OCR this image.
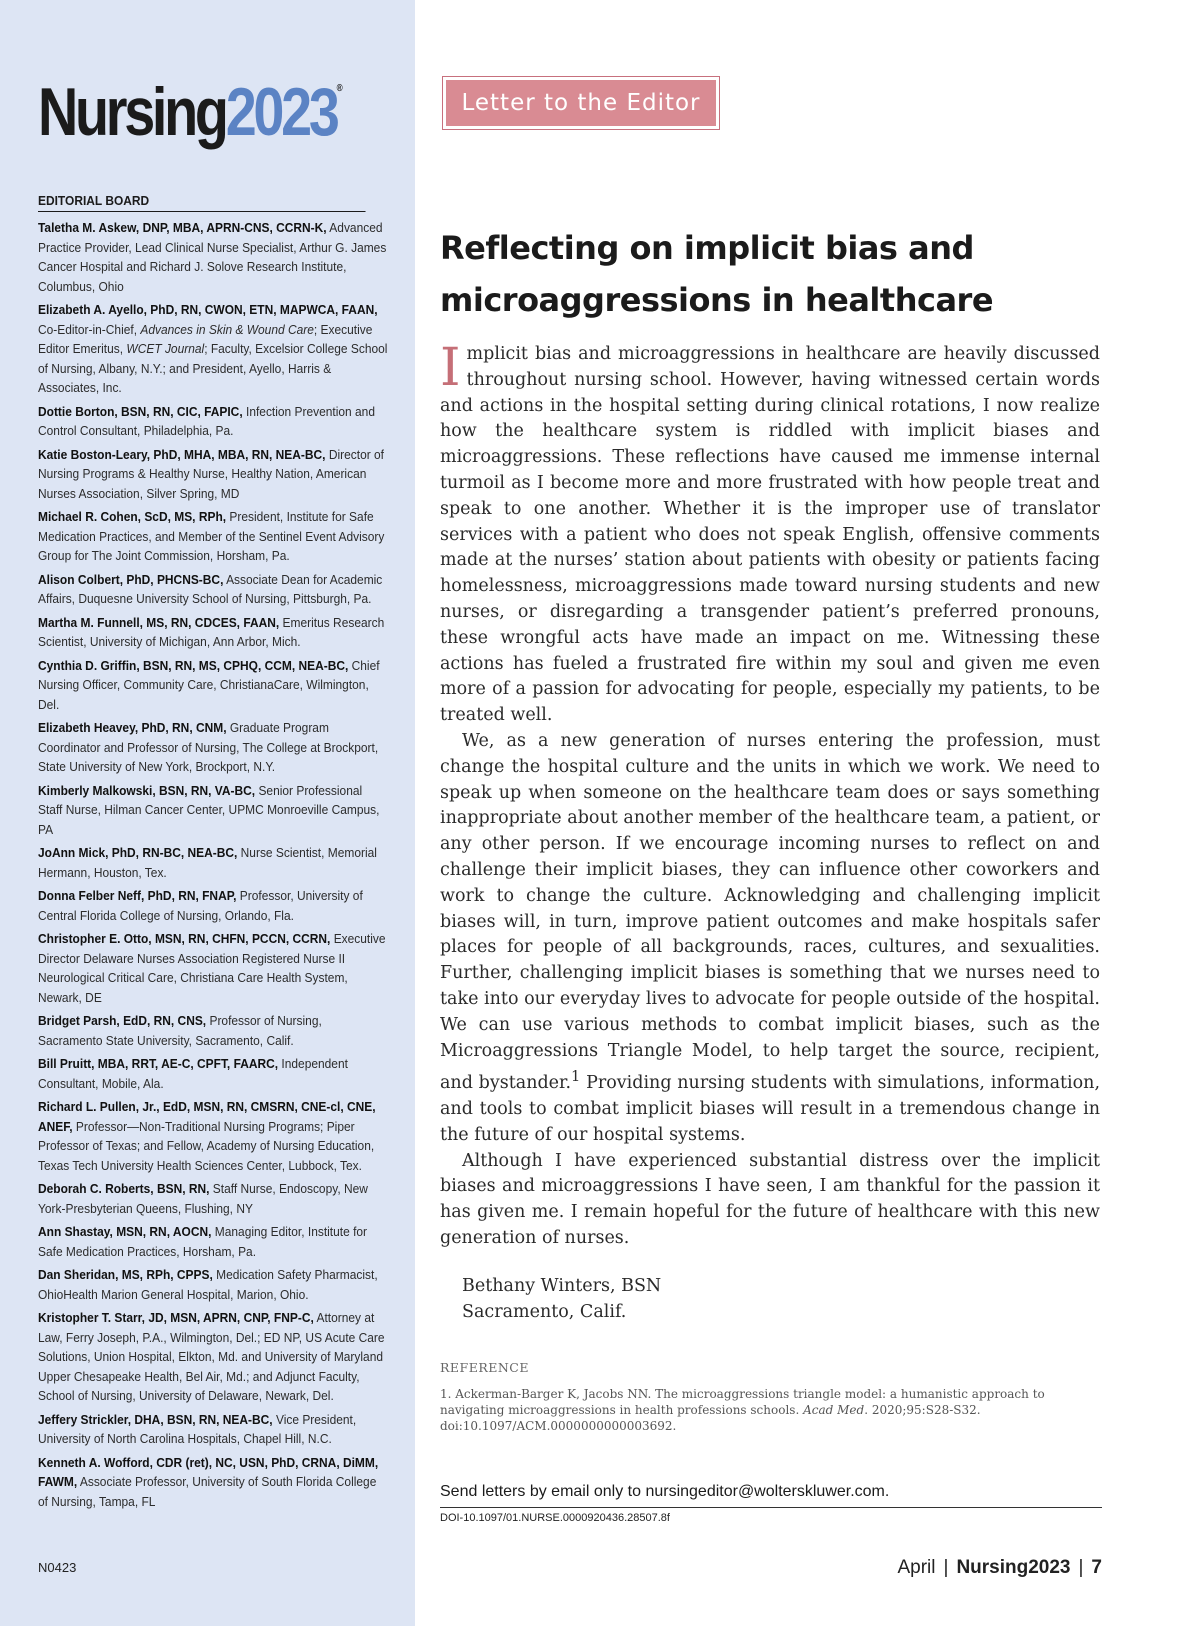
Nursing2023®
EDITORIAL BOARD
Taletha M. Askew, DNP, MBA, APRN-CNS, CCRN-K, Advanced Practice Provider, Lead Clinical Nurse Specialist, Arthur G. James Cancer Hospital and Richard J. Solove Research Institute, Columbus, Ohio
Elizabeth A. Ayello, PhD, RN, CWON, ETN, MAPWCA, FAAN, Co-Editor-in-Chief, Advances in Skin & Wound Care; Executive Editor Emeritus, WCET Journal; Faculty, Excelsior College School of Nursing, Albany, N.Y.; and President, Ayello, Harris & Associates, Inc.
Dottie Borton, BSN, RN, CIC, FAPIC, Infection Prevention and Control Consultant, Philadelphia, Pa.
Katie Boston-Leary, PhD, MHA, MBA, RN, NEA-BC, Director of Nursing Programs & Healthy Nurse, Healthy Nation, American Nurses Association, Silver Spring, MD
Michael R. Cohen, ScD, MS, RPh, President, Institute for Safe Medication Practices, and Member of the Sentinel Event Advisory Group for The Joint Commission, Horsham, Pa.
Alison Colbert, PhD, PHCNS-BC, Associate Dean for Academic Affairs, Duquesne University School of Nursing, Pittsburgh, Pa.
Martha M. Funnell, MS, RN, CDCES, FAAN, Emeritus Research Scientist, University of Michigan, Ann Arbor, Mich.
Cynthia D. Griffin, BSN, RN, MS, CPHQ, CCM, NEA-BC, Chief Nursing Officer, Community Care, ChristianaCare, Wilmington, Del.
Elizabeth Heavey, PhD, RN, CNM, Graduate Program Coordinator and Professor of Nursing, The College at Brockport, State University of New York, Brockport, N.Y.
Kimberly Malkowski, BSN, RN, VA-BC, Senior Professional Staff Nurse, Hilman Cancer Center, UPMC Monroeville Campus, PA
JoAnn Mick, PhD, RN-BC, NEA-BC, Nurse Scientist, Memorial Hermann, Houston, Tex.
Donna Felber Neff, PhD, RN, FNAP, Professor, University of Central Florida College of Nursing, Orlando, Fla.
Christopher E. Otto, MSN, RN, CHFN, PCCN, CCRN, Executive Director Delaware Nurses Association Registered Nurse II Neurological Critical Care, Christiana Care Health System, Newark, DE
Bridget Parsh, EdD, RN, CNS, Professor of Nursing, Sacramento State University, Sacramento, Calif.
Bill Pruitt, MBA, RRT, AE-C, CPFT, FAARC, Independent Consultant, Mobile, Ala.
Richard L. Pullen, Jr., EdD, MSN, RN, CMSRN, CNE-cl, CNE, ANEF, Professor—Non-Traditional Nursing Programs; Piper Professor of Texas; and Fellow, Academy of Nursing Education, Texas Tech University Health Sciences Center, Lubbock, Tex.
Deborah C. Roberts, BSN, RN, Staff Nurse, Endoscopy, New York-Presbyterian Queens, Flushing, NY
Ann Shastay, MSN, RN, AOCN, Managing Editor, Institute for Safe Medication Practices, Horsham, Pa.
Dan Sheridan, MS, RPh, CPPS, Medication Safety Pharmacist, OhioHealth Marion General Hospital, Marion, Ohio.
Kristopher T. Starr, JD, MSN, APRN, CNP, FNP-C, Attorney at Law, Ferry Joseph, P.A., Wilmington, Del.; ED NP, US Acute Care Solutions, Union Hospital, Elkton, Md. and University of Maryland Upper Chesapeake Health, Bel Air, Md.; and Adjunct Faculty, School of Nursing, University of Delaware, Newark, Del.
Jeffery Strickler, DHA, BSN, RN, NEA-BC, Vice President, University of North Carolina Hospitals, Chapel Hill, N.C.
Kenneth A. Wofford, CDR (ret), NC, USN, PhD, CRNA, DiMM, FAWM, Associate Professor, University of South Florida College of Nursing, Tampa, FL
N0423
Letter to the Editor
Reflecting on implicit bias and microaggressions in healthcare

Implicit bias and microaggressions in healthcare are heavily discussed throughout nursing school. However, having witnessed certain words and actions in the hospital setting during clinical rotations, I now realize how the healthcare system is riddled with implicit biases and microaggressions. These reflections have caused me immense internal turmoil as I become more and more frustrated with how people treat and speak to one another. Whether it is the improper use of translator services with a patient who does not speak English, offensive comments made at the nurses’ station about patients with obesity or patients facing homelessness, microaggressions made toward nursing students and new nurses, or disregarding a transgender patient’s preferred pronouns, these wrongful acts have made an impact on me. Witnessing these actions has fueled a frustrated fire within my soul and given me even more of a passion for advocating for people, especially my patients, to be treated well.

We, as a new generation of nurses entering the profession, must change the hospital culture and the units in which we work. We need to speak up when someone on the healthcare team does or says something inappropriate about another member of the healthcare team, a patient, or any other person. If we encourage incoming nurses to reflect on and challenge their implicit biases, they can influence other coworkers and work to change the culture. Acknowledging and challenging implicit biases will, in turn, improve patient outcomes and make hospitals safer places for people of all backgrounds, races, cultures, and sexualities. Further, challenging implicit biases is something that we nurses need to take into our everyday lives to advocate for people outside of the hospital. We can use various methods to combat implicit biases, such as the Microaggressions Triangle Model, to help target the source, recipient, and bystander.$^1$ Providing nursing students with simulations, information, and tools to combat implicit biases will result in a tremendous change in the future of our hospital systems.

Although I have experienced substantial distress over the implicit biases and microaggressions I have seen, I am thankful for the passion it has given me. I remain hopeful for the future of healthcare with this new generation of nurses.

Bethany Winters, BSN
Sacramento, Calif.
REFERENCE
1. Ackerman-Barger K, Jacobs NN. The microaggressions triangle model: a humanistic approach to navigating microaggressions in health professions schools. Acad Med. 2020;95:S28-S32. doi:10.1097/ACM.0000000000003692.
Send letters by email only to nursingeditor@wolterskluwer.com.
DOI-10.1097/01.NURSE.0000920436.28507.8f
April | Nursing2023 | 7
